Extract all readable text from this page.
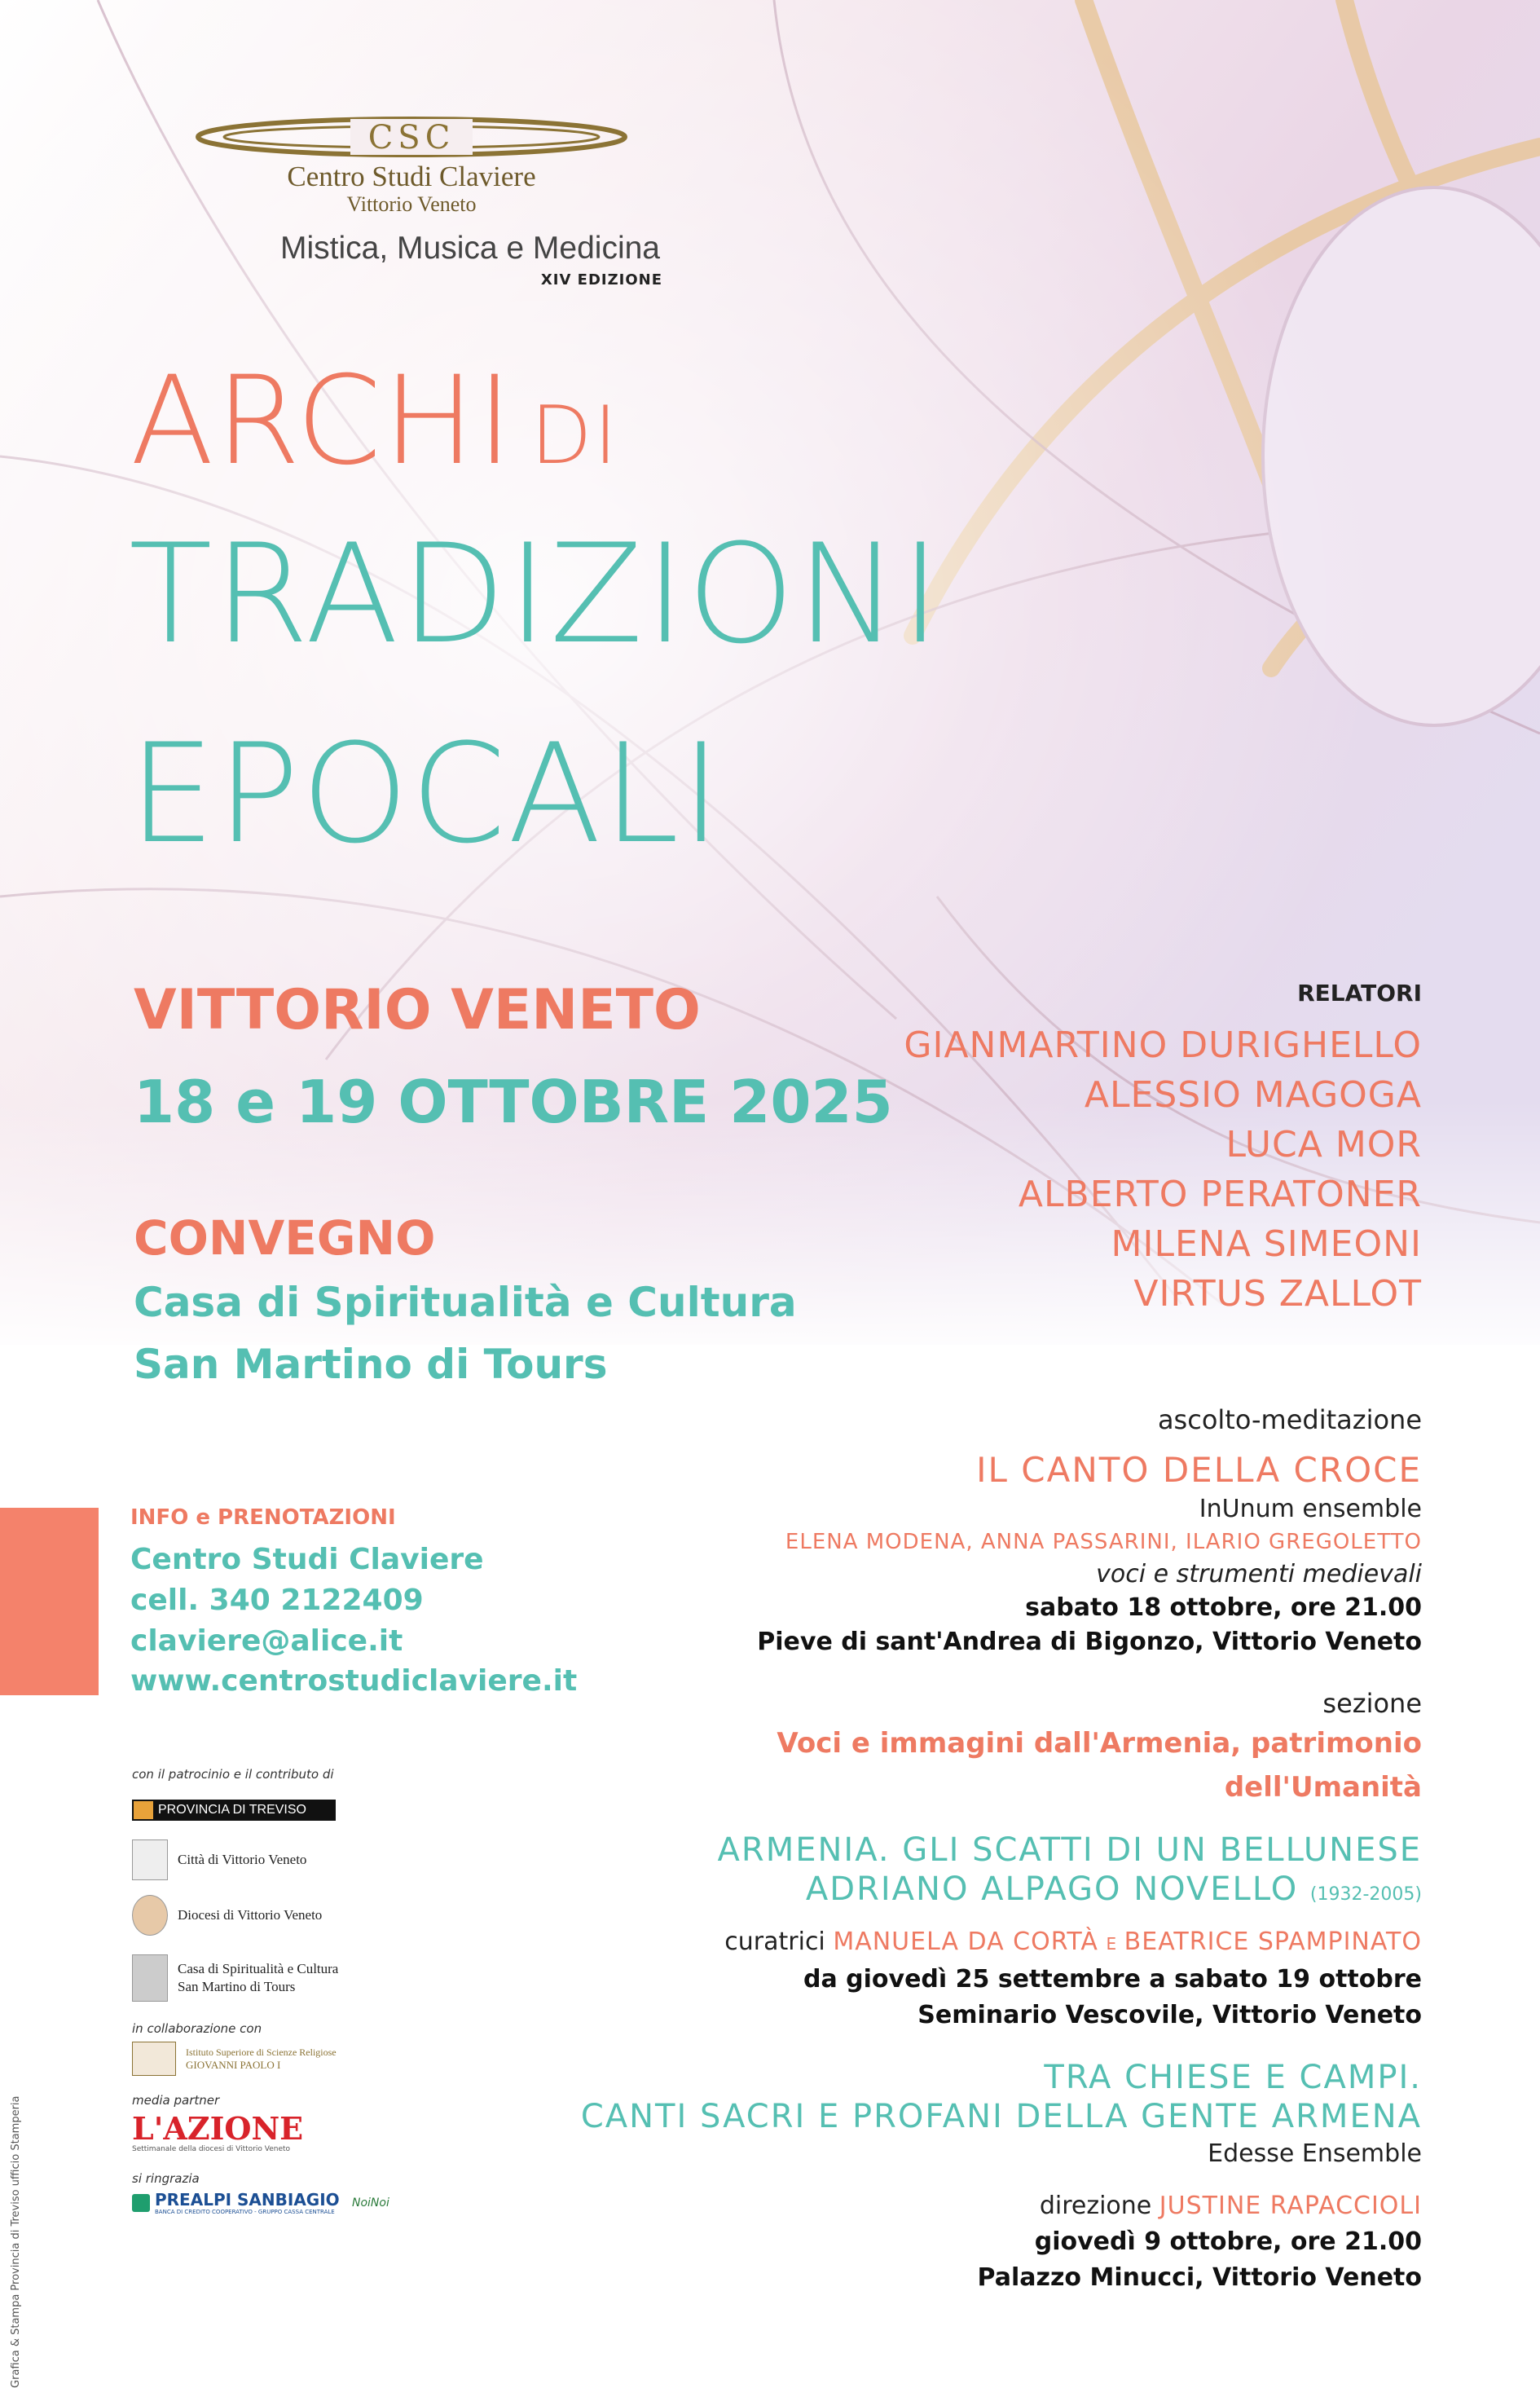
Grafica & Stampa Provincia di Treviso ufficio Stamperia
CSC
Centro Studi Claviere
Vittorio Veneto
Mistica, Musica e Medicina
XIV EDIZIONE
ARCHI DI
TRADIZIONI
EPOCALI
VITTORIO VENETO
18 e 19 OTTOBRE 2025
CONVEGNO
Casa di Spiritualità e Cultura
San Martino di Tours
RELATORI
GIANMARTINO DURIGHELLO
ALESSIO MAGOGA
LUCA MOR
ALBERTO PERATONER
MILENA SIMEONI
VIRTUS ZALLOT
INFO e PRENOTAZIONI
Centro Studi Claviere
cell. 340 2122409
claviere@alice.it
www.centrostudiclaviere.it
con il patrocinio e il contributo di
PROVINCIA DI TREVISO
Città di Vittorio Veneto
Diocesi di Vittorio Veneto
Casa di Spiritualità e Cultura
San Martino di Tours
in collaborazione con
Istituto Superiore di Scienze Religiose
GIOVANNI PAOLO I
media partner
L'AZIONE
Settimanale della diocesi di Vittorio Veneto
si ringrazia
PREALPI SANBIAGIO
BANCA DI CREDITO COOPERATIVO - GRUPPO CASSA CENTRALE
NoiNoi
ascolto-meditazione
IL CANTO DELLA CROCE
InUnum ensemble
ELENA MODENA, ANNA PASSARINI, ILARIO GREGOLETTO
voci e strumenti medievali
sabato 18 ottobre, ore 21.00
Pieve di sant'Andrea di Bigonzo, Vittorio Veneto
sezione
Voci e immagini dall'Armenia, patrimonio dell'Umanità
ARMENIA. GLI SCATTI DI UN BELLUNESE
ADRIANO ALPAGO NOVELLO (1932-2005)
curatrici MANUELA DA CORTÀ E BEATRICE SPAMPINATO
da giovedì 25 settembre a sabato 19 ottobre
Seminario Vescovile, Vittorio Veneto
TRA CHIESE E CAMPI.
CANTI SACRI E PROFANI DELLA GENTE ARMENA
Edesse Ensemble
direzione JUSTINE RAPACCIOLI
giovedì 9 ottobre, ore 21.00
Palazzo Minucci, Vittorio Veneto
